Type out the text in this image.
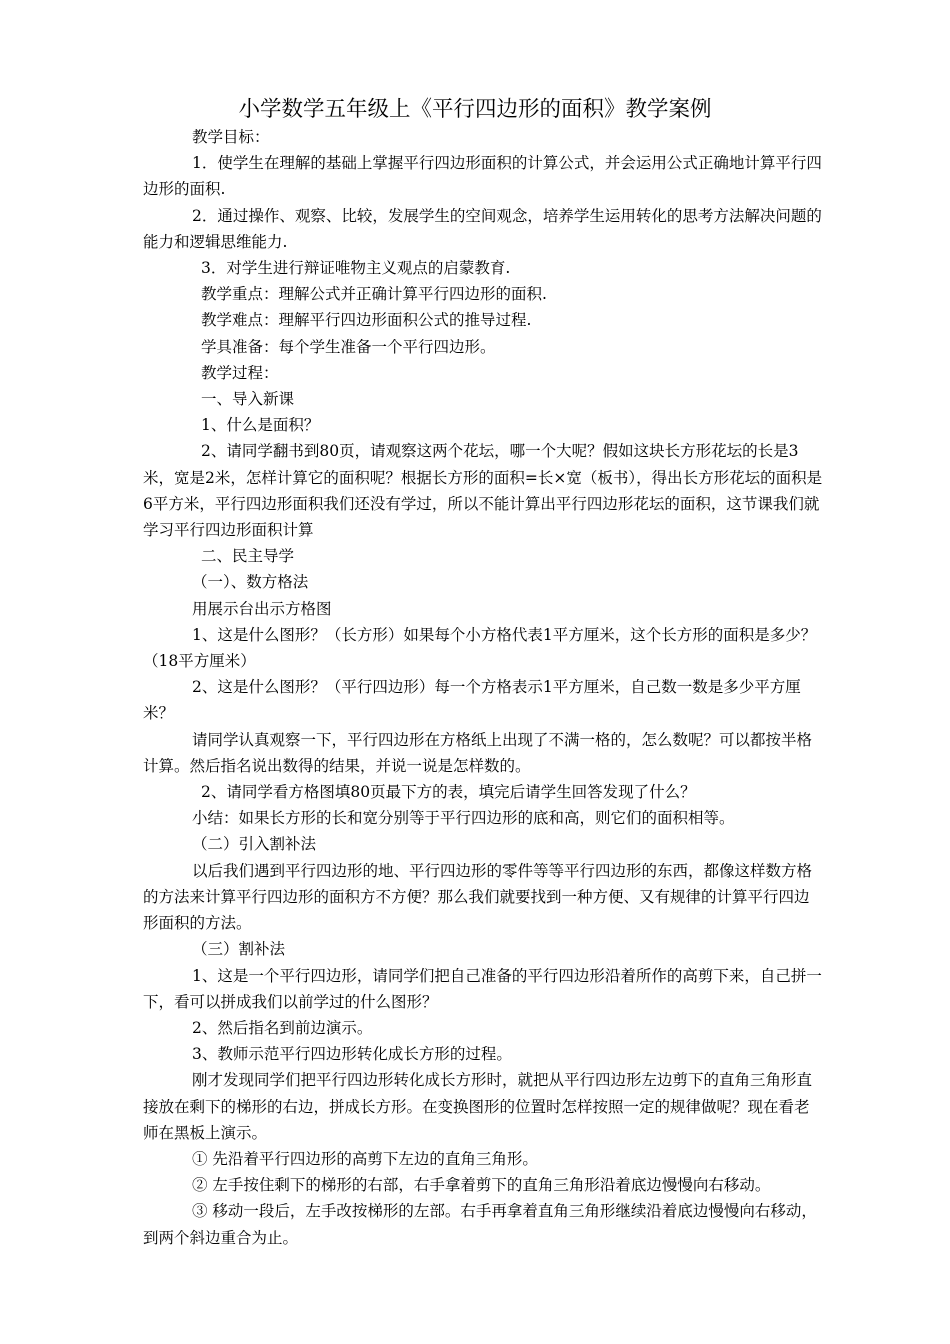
小学数学五年级上《平行四边形的面积》教学案例

教学目标：

1．使学生在理解的基础上掌握平行四边形面积的计算公式，并会运用公式正确地计算平行四边形的面积.

2．通过操作、观察、比较，发展学生的空间观念，培养学生运用转化的思考方法解决问题的能力和逻辑思维能力.

3．对学生进行辩证唯物主义观点的启蒙教育.

教学重点：理解公式并正确计算平行四边形的面积.

教学难点：理解平行四边形面积公式的推导过程.

学具准备：每个学生准备一个平行四边形。

教学过程：

一、导入新课

1、什么是面积？

2、请同学翻书到80页，请观察这两个花坛，哪一个大呢？假如这块长方形花坛的长是3米，宽是2米，怎样计算它的面积呢？根据长方形的面积=长×宽（板书），得出长方形花坛的面积是6平方米，平行四边形面积我们还没有学过，所以不能计算出平行四边形花坛的面积，这节课我们就学习平行四边形面积计算

二、民主导学

（一）、数方格法

用展示台出示方格图

1、这是什么图形？（长方形）如果每个小方格代表1平方厘米，这个长方形的面积是多少？（18平方厘米）

2、这是什么图形？（平行四边形）每一个方格表示1平方厘米，自己数一数是多少平方厘米？

请同学认真观察一下，平行四边形在方格纸上出现了不满一格的，怎么数呢？可以都按半格计算。然后指名说出数得的结果，并说一说是怎样数的。

2、请同学看方格图填80页最下方的表，填完后请学生回答发现了什么？

小结：如果长方形的长和宽分别等于平行四边形的底和高，则它们的面积相等。

（二）引入割补法

以后我们遇到平行四边形的地、平行四边形的零件等等平行四边形的东西，都像这样数方格的方法来计算平行四边形的面积方不方便？那么我们就要找到一种方便、又有规律的计算平行四边形面积的方法。

（三）割补法

1、这是一个平行四边形，请同学们把自己准备的平行四边形沿着所作的高剪下来，自己拼一下，看可以拼成我们以前学过的什么图形？

2、然后指名到前边演示。

3、教师示范平行四边形转化成长方形的过程。

刚才发现同学们把平行四边形转化成长方形时，就把从平行四边形左边剪下的直角三角形直接放在剩下的梯形的右边，拼成长方形。在变换图形的位置时怎样按照一定的规律做呢？现在看老师在黑板上演示。

① 先沿着平行四边形的高剪下左边的直角三角形。

② 左手按住剩下的梯形的右部，右手拿着剪下的直角三角形沿着底边慢慢向右移动。

③ 移动一段后，左手改按梯形的左部。右手再拿着直角三角形继续沿着底边慢慢向右移动，到两个斜边重合为止。
